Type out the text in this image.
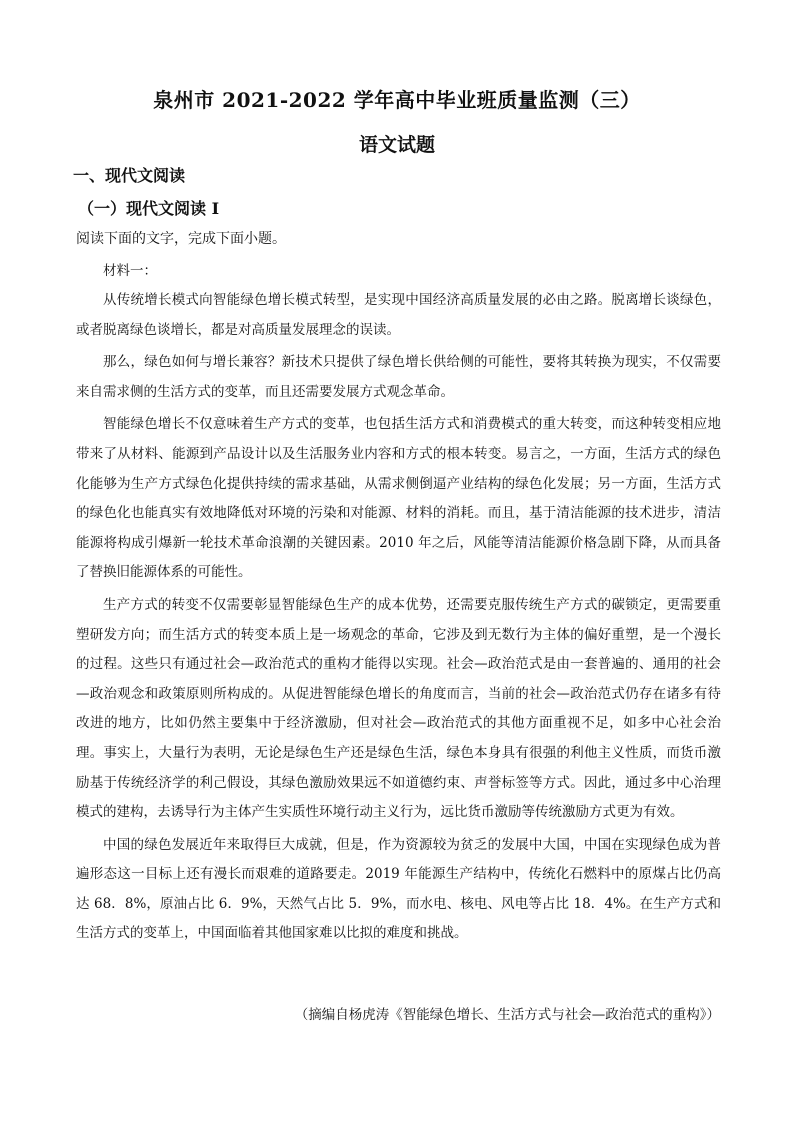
泉州市 2021-2022 学年高中毕业班质量监测（三）
语文试题
一、现代文阅读
（一）现代文阅读 I
阅读下面的文字，完成下面小题。
材料一：

从传统增长模式向智能绿色增长模式转型，是实现中国经济高质量发展的必由之路。脱离增长谈绿色，或者脱离绿色谈增长，都是对高质量发展理念的误读。

那么，绿色如何与增长兼容？新技术只提供了绿色增长供给侧的可能性，要将其转换为现实，不仅需要来自需求侧的生活方式的变革，而且还需要发展方式观念革命。

智能绿色增长不仅意味着生产方式的变革，也包括生活方式和消费模式的重大转变，而这种转变相应地带来了从材料、能源到产品设计以及生活服务业内容和方式的根本转变。易言之，一方面，生活方式的绿色化能够为生产方式绿色化提供持续的需求基础，从需求侧倒逼产业结构的绿色化发展；另一方面，生活方式的绿色化也能真实有效地降低对环境的污染和对能源、材料的消耗。而且，基于清洁能源的技术进步，清洁能源将构成引爆新一轮技术革命浪潮的关键因素。2010 年之后，风能等清洁能源价格急剧下降，从而具备了替换旧能源体系的可能性。

生产方式的转变不仅需要彰显智能绿色生产的成本优势，还需要克服传统生产方式的碳锁定，更需要重塑研发方向；而生活方式的转变本质上是一场观念的革命，它涉及到无数行为主体的偏好重塑，是一个漫长的过程。这些只有通过社会—政治范式的重构才能得以实现。社会—政治范式是由一套普遍的、通用的社会—政治观念和政策原则所构成的。从促进智能绿色增长的角度而言，当前的社会—政治范式仍存在诸多有待改进的地方，比如仍然主要集中于经济激励，但对社会—政治范式的其他方面重视不足，如多中心社会治理。事实上，大量行为表明，无论是绿色生产还是绿色生活，绿色本身具有很强的利他主义性质，而货币激励基于传统经济学的利己假设，其绿色激励效果远不如道德约束、声誉标签等方式。因此，通过多中心治理模式的建构，去诱导行为主体产生实质性环境行动主义行为，远比货币激励等传统激励方式更为有效。

中国的绿色发展近年来取得巨大成就，但是，作为资源较为贫乏的发展中大国，中国在实现绿色成为普遍形态这一目标上还有漫长而艰难的道路要走。2019 年能源生产结构中，传统化石燃料中的原煤占比仍高达 68．8%，原油占比 6．9%，天然气占比 5．9%，而水电、核电、风电等占比 18．4%。在生产方式和生活方式的变革上，中国面临着其他国家难以比拟的难度和挑战。

（摘编自杨虎涛《智能绿色增长、生活方式与社会—政治范式的重构》）
